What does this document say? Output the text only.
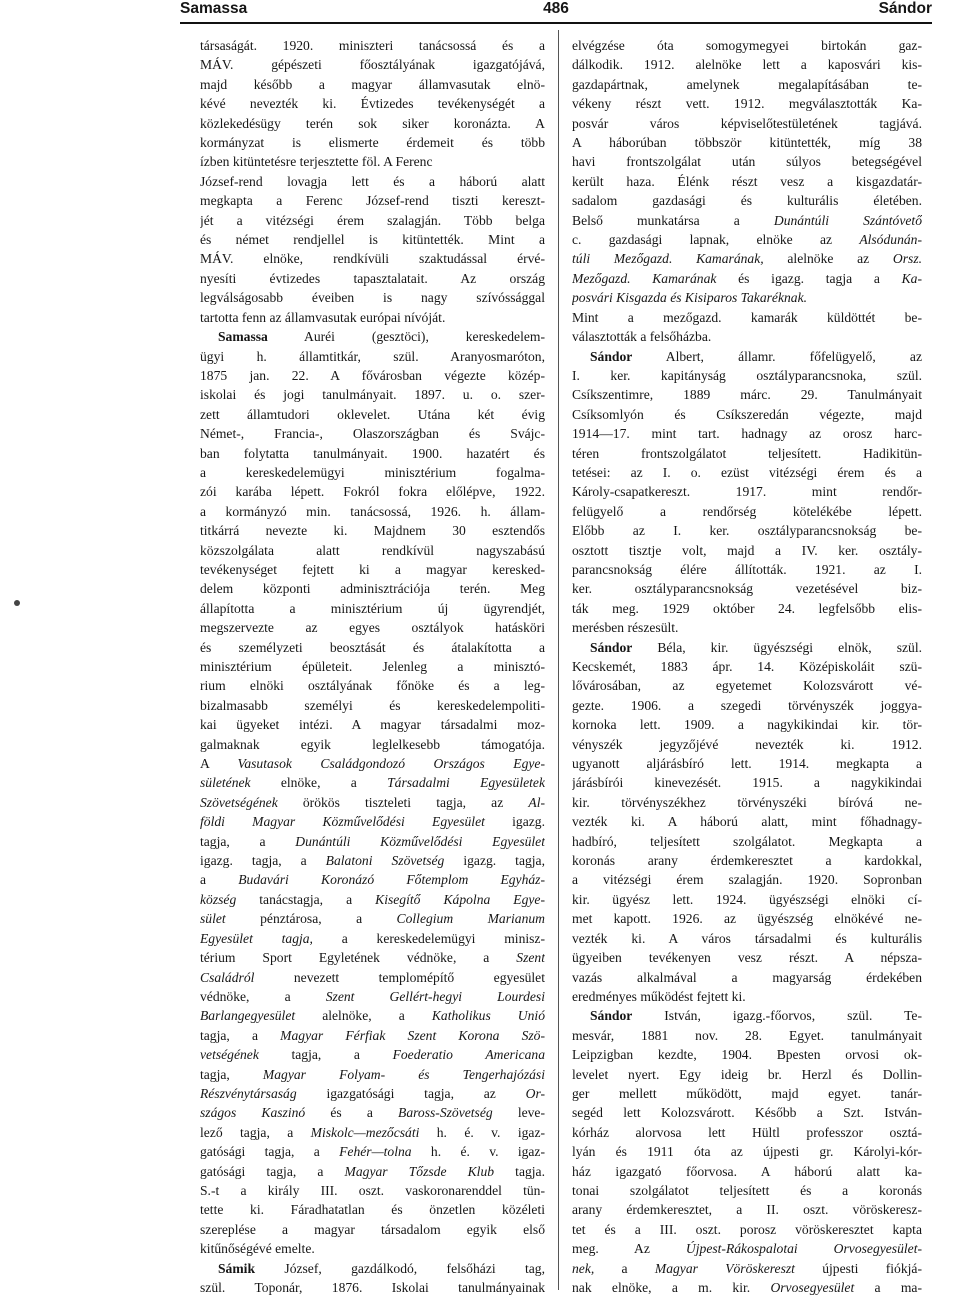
Samassa	486	Sándor
társaságát. 1920. miniszteri tanácsossá és a
MÁV. gépészeti főosztályának igazgatójává,
majd később a magyar államvasutak elnö-
kévé nevezték ki. Évtizedes tevékenységét a
közlekedésügy terén sok siker koronázta. A
kormányzat is elismerte érdemeit és több
ízben kitüntetésre terjesztette föl. A Ferenc
József-rend lovagja lett és a háború alatt
megkapta a Ferenc József-rend tiszti kereszt-
jét a vitézségi érem szalagján. Több belga
és német rendjellel is kitüntették. Mint a
MÁV. elnöke, rendkívüli szaktudással érvé-
nyesíti évtizedes tapasztalatait. Az ország
legválságosabb éveiben is nagy szívóssággal
tartotta fenn az államvasutak európai nívóját.
Samassa Auréi (gesztöci), kereskedelem-
ügyi h. államtitkár, szül. Aranyosmaróton,
1875 jan. 22. A fővárosban végezte közép-
iskolai és jogi tanulmányait. 1897. u. o. szer-
zett államtudori oklevelet. Utána két évig
Német-, Francia-, Olaszországban és Svájc-
ban folytatta tanulmányait. 1900. hazatért és
a kereskedelemügyi minisztérium fogalma-
zói karába lépett. Fokról fokra előlépve, 1922.
a kormányzó min. tanácsossá, 1926. h. állam-
titkárrá nevezte ki. Majdnem 30 esztendős
közszolgálata alatt rendkívül nagyszabású
tevékenységet fejtett ki a magyar keresked-
delem központi adminisztrációja terén. Meg
állapította a minisztérium új ügyrendjét,
megszervezte az egyes osztályok hatásköri
és személyzeti beosztását és átalakította a
minisztérium épületeit. Jelenleg a minisztó-
rium elnöki osztályának főnöke és a leg-
bizalmasabb személyi és kereskedelempoliti-
kai ügyeket intézi. A magyar társadalmi moz-
galmaknak egyik leglelkesebb támogatója.
A Vasutasok Családgondozó Országos Egye-
sületének elnöke, a Társadalmi Egyesületek
Szövetségének örökös tiszteleti tagja, az Al-
földi Magyar Közművelődési Egyesület igazg.
tagja, a Dunántúli Közművelődési Egyesület
igazg. tagja, a Balatoni Szövetség igazg. tagja,
a Budavári Koronázó Főtemplom Egyház-
község tanácstagja, a Kisegítő Kápolna Egye-
sület pénztárosa, a Collegium Marianum
Egyesület tagja, a kereskedelemügyi minisz-
térium Sport Egyletének védnöke, a Szent
Családról nevezett templomépítő egyesület
védnöke, a Szent Gellért-hegyi Lourdesi
Barlangegyesület alelnöke, a Katholikus Unió
tagja, a Magyar Férfiak Szent Korona Szö-
vetségének tagja, a Foederatio Americana
tagja, Magyar Folyam- és Tengerhajózási
Részvénytársaság igazgatósági tagja, az Or-
szágos Kaszinó és a Baross-Szövetség leve-
lező tagja, a Miskolc—mezőcsáti h. é. v. igaz-
gatósági tagja, a Fehér—tolna h. é. v. igaz-
gatósági tagja, a Magyar Tőzsde Klub tagja.
S.-t a király III. oszt. vaskoronarenddel tün-
tette ki. Fáradhatatlan és önzetlen közéleti
szereplése a magyar társadalom egyik első
kitűnőségévé emelte.
Sámik József, gazdálkodó, felsőházi tag,
szül. Toponár, 1876. Iskolai tanulmányainak
elvégzése óta somogymegyei birtokán gaz-
dálkodik. 1912. alelnöke lett a kaposvári kis-
gazdapártnak, amelynek megalapításában te-
vékeny részt vett. 1912. megválasztották Ka-
posvár város képviselőtestületének tagjává.
A háborúban többször kitüntették, míg 38
havi frontszolgálat után súlyos betegségével
került haza. Élénk részt vesz a kisgazdatár-
sadalom gazdasági és kulturális életében.
Belső munkatársa a Dunántúli Szántóvető
c. gazdasági lapnak, elnöke az Alsódunán-
túli Mezőgazd. Kamarának, alelnöke az Orsz.
Mezőgazd. Kamarának és igazg. tagja a Ka-
posvári Kisgazda és Kisiparos Takaréknak.
Mint a mezőgazd. kamarák küldöttét be-
választották a felsőházba.
Sándor Albert, államr. főfelügyelő, az
I. ker. kapitányság osztályparancsnoka, szül.
Csíkszentimre, 1889 márc. 29. Tanulmányait
Csíksomlyón és Csíkszeredán végezte, majd
1914—17. mint tart. hadnagy az orosz harc-
téren frontszolgálatot teljesített. Hadikitün-
tetései: az I. o. ezüst vitézségi érem és a
Károly-csapatkereszt. 1917. mint rendőr-
felügyelő a rendőrség kötelékébe lépett.
Előbb az I. ker. osztályparancsnokság be-
osztott tisztje volt, majd a IV. ker. osztály-
parancsnokság élére állították. 1921. az I.
ker. osztályparancsnokság vezetésével biz-
ták meg. 1929 október 24. legfelsőbb elis-
merésben részesült.
Sándor Béla, kir. ügyészségi elnök, szül.
Kecskemét, 1883 ápr. 14. Középiskoláit szü-
lővárosában, az egyetemet Kolozsvárott vé-
gezte. 1906. a szegedi törvényszék joggya-
kornoka lett. 1909. a nagykikindai kir. tör-
vényszék jegyzőjévé nevezték ki. 1912.
ugyanott aljárásbíró lett. 1914. megkapta a
járásbírói kinevezését. 1915. a nagykikindai
kir. törvényszékhez törvényszéki bíróvá ne-
vezték ki. A háború alatt, mint főhadnagy-
hadbíró, teljesített szolgálatot. Megkapta a
koronás arany érdemkeresztet a kardokkal,
a vitézségi érem szalagján. 1920. Sopronban
kir. ügyész lett. 1924. ügyészségi elnöki cí-
met kapott. 1926. az ügyészség elnökévé ne-
vezték ki. A város társadalmi és kulturális
ügyeiben tevékenyen vesz részt. A népsza-
vazás alkalmával a magyarság érdekében
eredményes működést fejtett ki.
Sándor István, igazg.-főorvos, szül. Te-
mesvár, 1881 nov. 28. Egyet. tanulmányait
Leipzigban kezdte, 1904. Bpesten orvosi ok-
levelet nyert. Egy ideig br. Herzl és Dollin-
ger mellett működött, majd egyet. tanár-
segéd lett Kolozsvárott. Később a Szt. István-
kórház alorvosa lett Hültl professzor osztá-
lyán és 1911 óta az újpesti gr. Károlyi-kór-
ház igazgató főorvosa. A háború alatt ka-
tonai szolgálatot teljesített és a koronás
arany érdemkeresztet, a II. oszt. vöröskeresz-
tet és a III. oszt. porosz vöröskeresztet kapta
meg. Az Újpest-Rákospalotai Orvosegyesület-
nek, a Magyar Vöröskereszt újpesti fiókjá-
nak elnöke, a m. kir. Orvosegyesület a ma-
